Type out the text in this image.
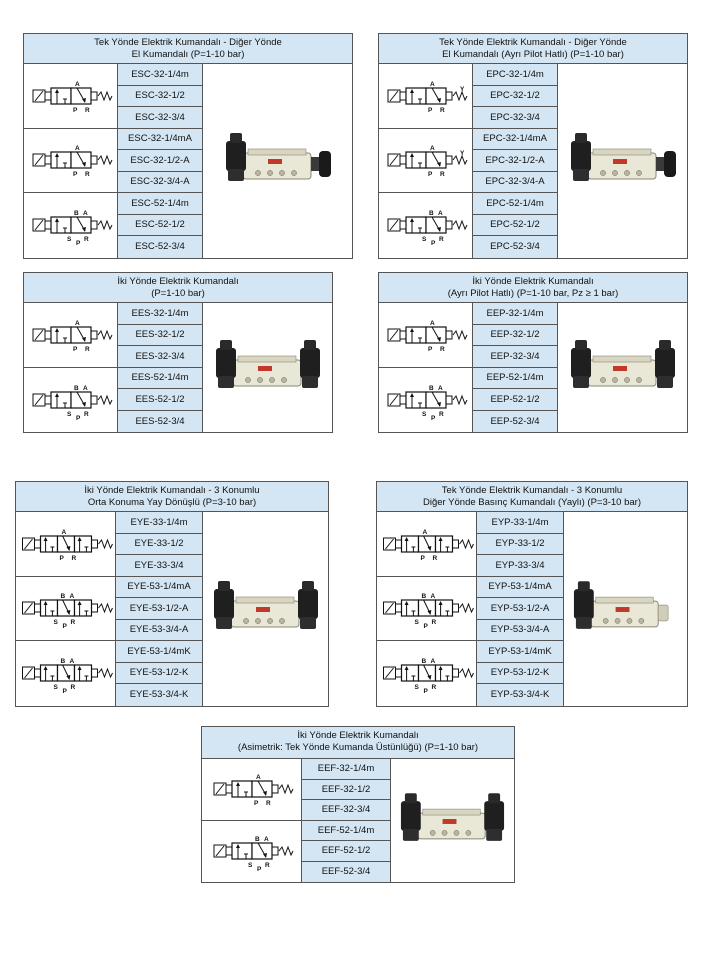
Tek Yönde Elektrik Kumandalı - Diğer Yönde
El Kumandalı (P=1-10 bar)
A
P R
A
P R
B A
S
P
R
ESC-32-1/4m
ESC-32-1/2
ESC-32-3/4
ESC-32-1/4mA
ESC-32-1/2-A
ESC-32-3/4-A
ESC-52-1/4m
ESC-52-1/2
ESC-52-3/4
Tek Yönde Elektrik Kumandalı - Diğer Yönde
El Kumandalı (Ayrı Pilot Hatlı) (P=1-10 bar)
A
P R
Y
A
P R
Y
B A
S
P
R
EPC-32-1/4m
EPC-32-1/2
EPC-32-3/4
EPC-32-1/4mA
EPC-32-1/2-A
EPC-32-3/4-A
EPC-52-1/4m
EPC-52-1/2
EPC-52-3/4
İki Yönde Elektrik Kumandalı
(P=1-10 bar)
A
P R
B A
S
P
R
EES-32-1/4m
EES-32-1/2
EES-32-3/4
EES-52-1/4m
EES-52-1/2
EES-52-3/4
İki Yönde Elektrik Kumandalı
(Ayrı Pilot Hatlı) (P=1-10 bar, Pz ≥ 1 bar)
A
P R
B A
S
P
R
EEP-32-1/4m
EEP-32-1/2
EEP-32-3/4
EEP-52-1/4m
EEP-52-1/2
EEP-52-3/4
İki Yönde Elektrik Kumandalı - 3 Konumlu
Orta Konuma Yay Dönüşlü (P=3-10 bar)
A
P R
B A
S
P
R
B A
S
P
R
EYE-33-1/4m
EYE-33-1/2
EYE-33-3/4
EYE-53-1/4mA
EYE-53-1/2-A
EYE-53-3/4-A
EYE-53-1/4mK
EYE-53-1/2-K
EYE-53-3/4-K
Tek Yönde Elektrik Kumandalı - 3 Konumlu
Diğer Yönde Basınç Kumandalı (Yaylı) (P=3-10 bar)
A
P R
B A
S
P
R
B A
S
P
R
EYP-33-1/4m
EYP-33-1/2
EYP-33-3/4
EYP-53-1/4mA
EYP-53-1/2-A
EYP-53-3/4-A
EYP-53-1/4mK
EYP-53-1/2-K
EYP-53-3/4-K
İki Yönde Elektrik Kumandalı
(Asimetrik: Tek Yönde Kumanda Üstünlüğü) (P=1-10 bar)
A
P R
B A
S
P
R
EEF-32-1/4m
EEF-32-1/2
EEF-32-3/4
EEF-52-1/4m
EEF-52-1/2
EEF-52-3/4
